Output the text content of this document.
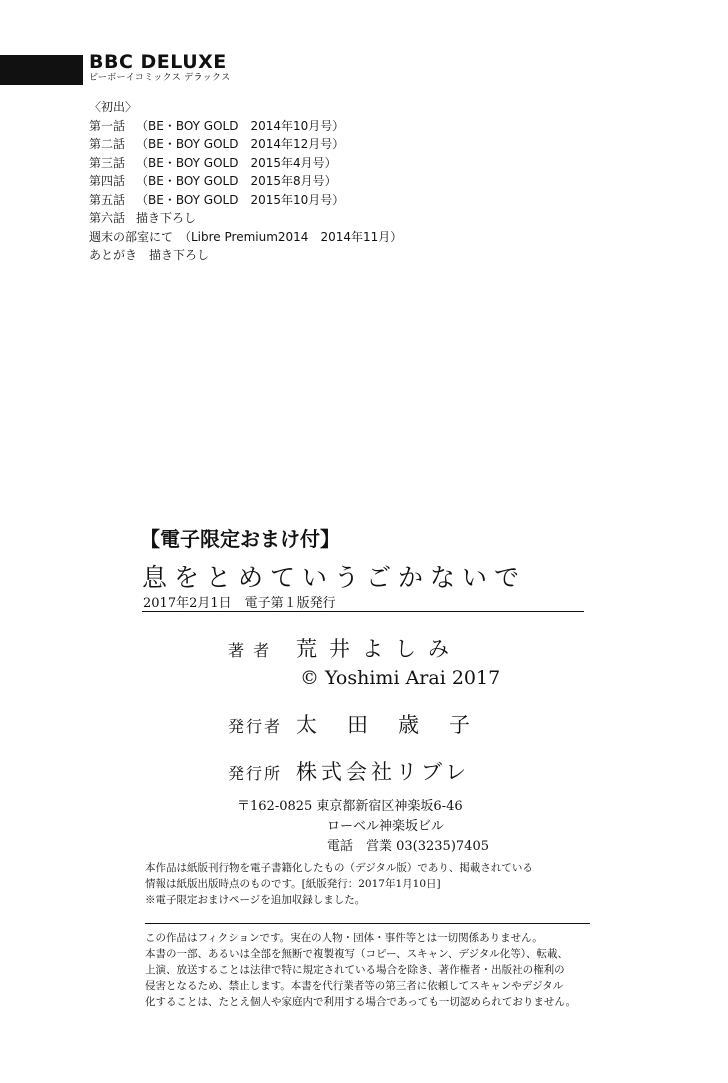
BBC DELUXE
ビーボーイコミックス デラックス
〈初出〉
第一話 （BE・BOY GOLD　2014年10月号）
第二話 （BE・BOY GOLD　2014年12月号）
第三話 （BE・BOY GOLD　2015年4月号）
第四話 （BE・BOY GOLD　2015年8月号）
第五話 （BE・BOY GOLD　2015年10月号）
第六話 描き下ろし
週末の部室にて　（Libre Premium2014　2014年11月）
あとがき　描き下ろし
【電子限定おまけ付】
息をとめていうごかないで
2017年2月1日　電子第１版発行
著 者 荒井よしみ
© Yoshimi Arai 2017
発行者 太田歳子
発行所 株式会社リブレ
〒162-0825 東京都新宿区神楽坂6-46
ローベル神楽坂ビル
電話　営業 03(3235)7405
本作品は紙版刊行物を電子書籍化したもの（デジタル版）であり、掲載されている
情報は紙版出版時点のものです。[紙版発行：2017年1月10日]
※電子限定おまけページを追加収録しました。
この作品はフィクションです。実在の人物・団体・事件等とは一切関係ありません。
本書の一部、あるいは全部を無断で複製複写（コピー、スキャン、デジタル化等）、転載、
上演、放送することは法律で特に規定されている場合を除き、著作権者・出版社の権利の
侵害となるため、禁止します。本書を代行業者等の第三者に依頼してスキャンやデジタル
化することは、たとえ個人や家庭内で利用する場合であっても一切認められておりません。
